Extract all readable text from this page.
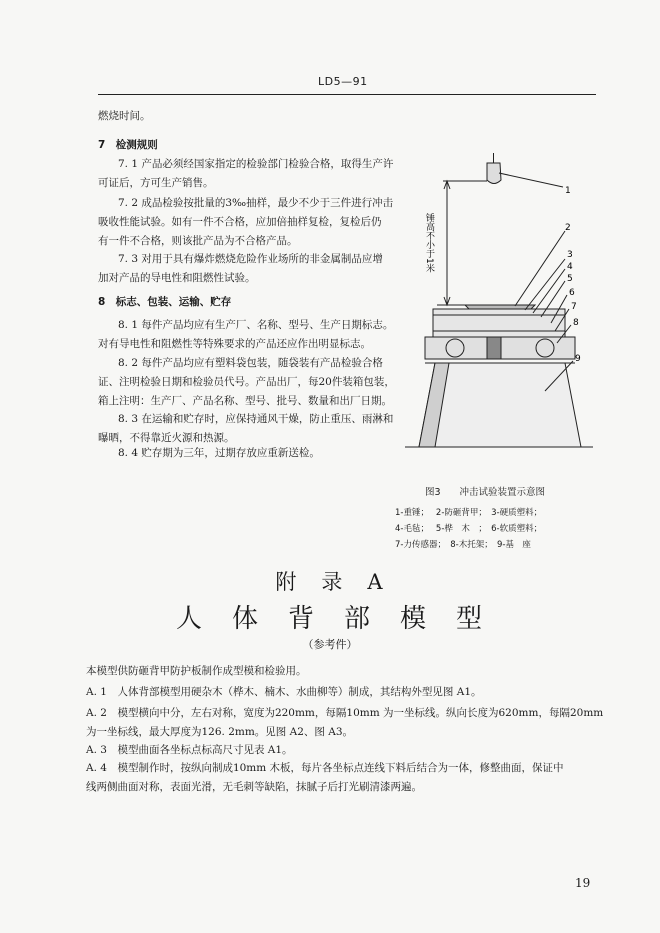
LD5—91
燃烧时间。
7　检测规则
7. 1 产品必须经国家指定的检验部门检验合格，取得生产许
可证后，方可生产销售。
7. 2 成品检验按批量的3‰抽样，最少不少于三件进行冲击
吸收性能试验。如有一件不合格，应加倍抽样复检，复检后仍
有一件不合格，则该批产品为不合格产品。
7. 3 对用于具有爆炸燃烧危险作业场所的非金属制品应增
加对产品的导电性和阻燃性试验。
8　标志、包装、运输、贮存
8. 1 每件产品均应有生产厂、名称、型号、生产日期标志。
对有导电性和阻燃性等特殊要求的产品还应作出明显标志。
8. 2 每件产品均应有塑料袋包装，随袋装有产品检验合格
证、注明检验日期和检验员代号。产品出厂，每20件装箱包装，
箱上注明：生产厂、产品名称、型号、批号、数量和出厂日期。
8. 3 在运输和贮存时，应保持通风干燥，防止重压、雨淋和
曝晒，不得靠近火源和热源。
8. 4 贮存期为三年，过期存放应重新送检。
锤高不小于1米
1
2
3
4
5
6
7
8
9
图3　　冲击试验装置示意图
1-重锤；　 2-防砸背甲；　3-硬质塑料；
4-毛毡；　 5-桦　木　；　6-软质塑料；
7-力传感器；　8-木托架；　9-基　座
附　录　A
人　体　背　部　模　型
（参考件）
本模型供防砸背甲防护板制作成型模和检验用。
A. 1　人体背部模型用硬杂木（桦木、楠木、水曲柳等）制成，其结构外型见图 A1。
A. 2　模型横向中分，左右对称，宽度为220mm，每隔10mm 为一坐标线。纵向长度为620mm，每隔20mm
为一坐标线，最大厚度为126. 2mm。见图 A2、图 A3。
A. 3　模型曲面各坐标点标高尺寸见表 A1。
A. 4　模型制作时，按纵向制成10mm 木板，每片各坐标点连线下料后结合为一体，修整曲面，保证中
线两侧曲面对称，表面光滑，无毛刺等缺陷，抹腻子后打光刷清漆两遍。
19
